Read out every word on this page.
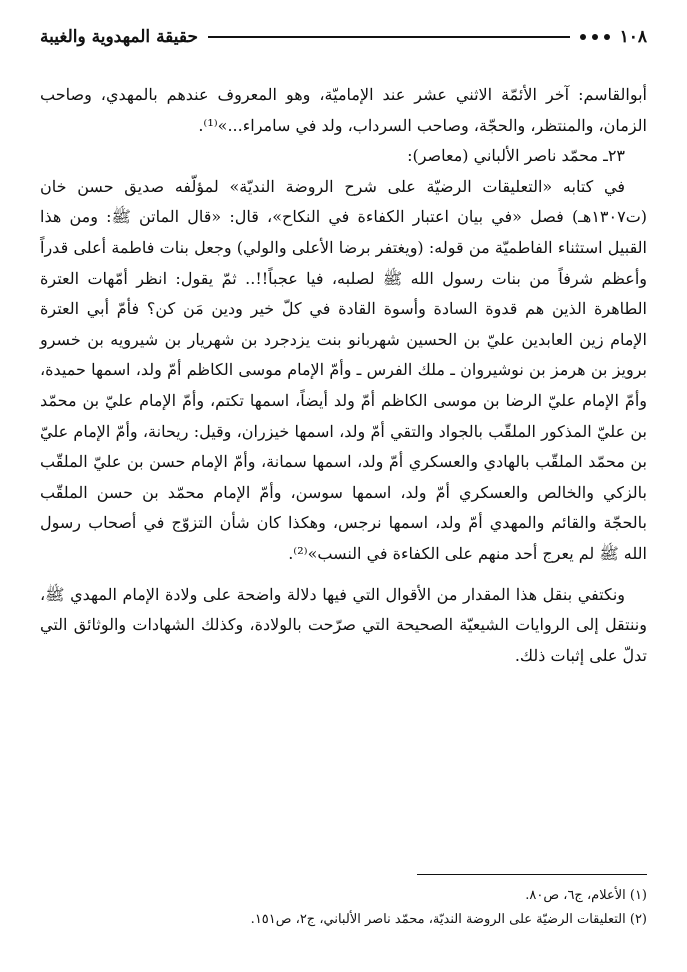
حقيقة المهدوية والغيبة	١٠٨

أبوالقاسم: آخر الأئمّة الاثني عشر عند الإماميّة، وهو المعروف عندهم بالمهدي، وصاحب الزمان، والمنتظر، والحجّة، وصاحب السرداب، ولد في سامراء...»⁽¹⁾.

٢٣ـ محمّد ناصر الألباني (معاصر):

في كتابه «التعليقات الرضيّة على شرح الروضة النديّة» لمؤلّفه صديق حسن خان (ت١٣٠٧هـ) فصل «في بيان اعتبار الكفاءة في النكاح»، قال: «قال الماتن ﷺ: ومن هذا القبيل استثناء الفاطميّة من قوله: (ويغتفر برضا الأعلى والولي) وجعل بنات فاطمة أعلى قدراً وأعظم شرفاً من بنات رسول الله ﷺ لصلبه، فيا عجباً!!.. ثمّ يقول: انظر أمّهات العترة الطاهرة الذين هم قدوة السادة وأسوة القادة في كلّ خير ودين مَن كن؟ فأمّ أبي العترة الإمام زين العابدين عليّ بن الحسين شهربانو بنت يزدجرد بن شهريار بن شيرويه بن خسرو برويز بن هرمز بن نوشيروان ـ ملك الفرس ـ وأمّ الإمام موسى الكاظم أمّ ولد، اسمها حميدة، وأمّ الإمام عليّ الرضا بن موسى الكاظم أمّ ولد أيضاً، اسمها تكتم، وأمّ الإمام عليّ بن محمّد بن عليّ المذكور الملقّب بالجواد والتقي أمّ ولد، اسمها خيزران، وقيل: ريحانة، وأمّ الإمام عليّ بن محمّد الملقّب بالهادي والعسكري أمّ ولد، اسمها سمانة، وأمّ الإمام حسن بن عليّ الملقّب بالزكي والخالص والعسكري أمّ ولد، اسمها سوسن، وأمّ الإمام محمّد بن حسن الملقّب بالحجّة والقائم والمهدي أمّ ولد، اسمها نرجس، وهكذا كان شأن التزوّج في أصحاب رسول الله ﷺ لم يعرج أحد منهم على الكفاءة في النسب»⁽²⁾.

ونكتفي بنقل هذا المقدار من الأقوال التي فيها دلالة واضحة على ولادة الإمام المهدي ﷺ، وننتقل إلى الروايات الشيعيّة الصحيحة التي صرّحت بالولادة، وكذلك الشهادات والوثائق التي تدلّ على إثبات ذلك.

(١) الأعلام، ج٦، ص٨٠.

(٢) التعليقات الرضيّة على الروضة النديّة، محمّد ناصر الألباني، ج٢، ص١٥١.
